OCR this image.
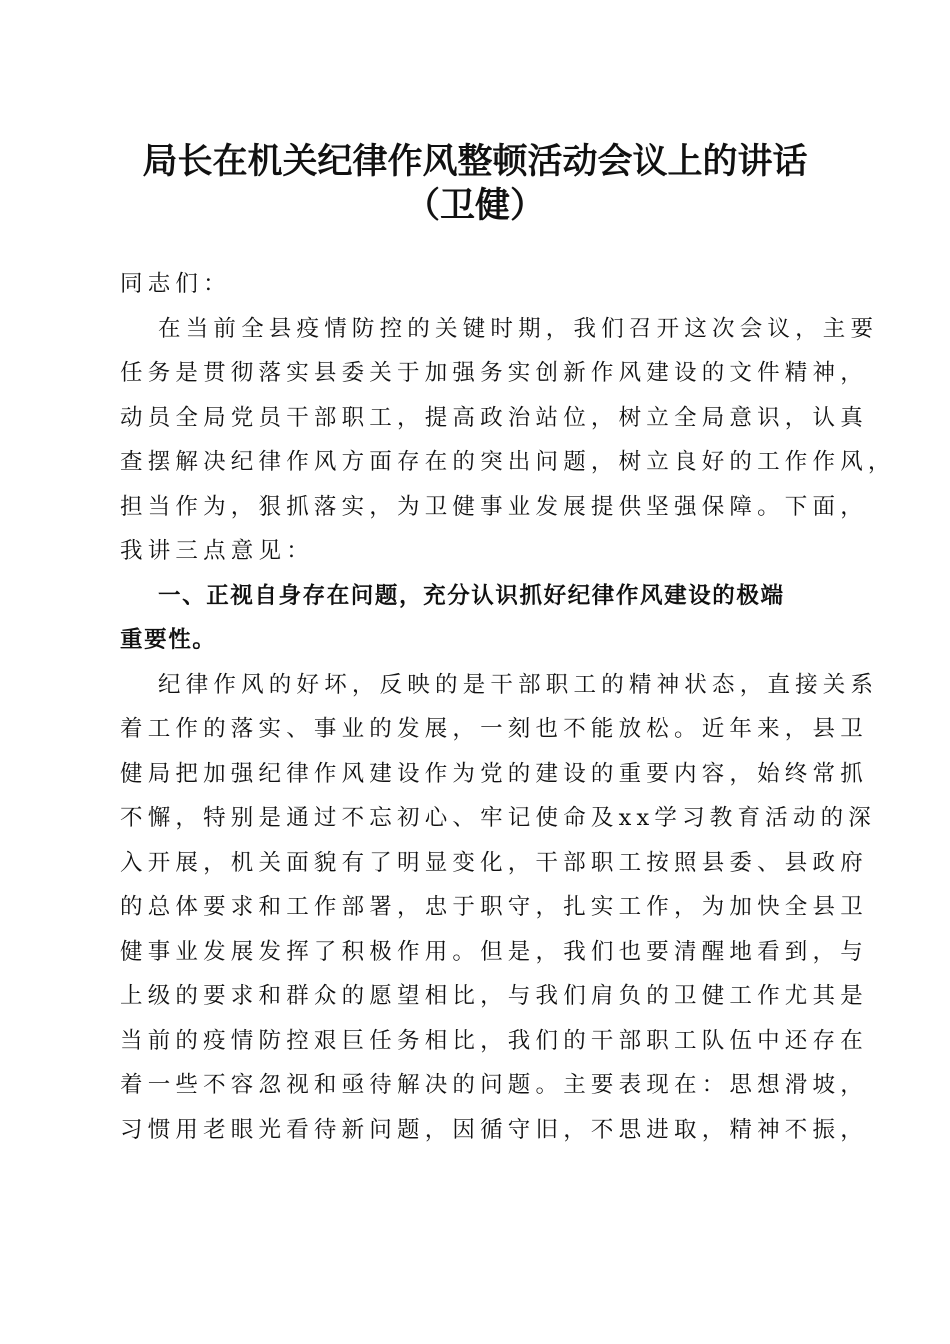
局长在机关纪律作风整顿活动会议上的讲话
（卫健）
同志们：
在当前全县疫情防控的关键时期，我们召开这次会议，主要
任务是贯彻落实县委关于加强务实创新作风建设的文件精神，
动员全局党员干部职工，提高政治站位，树立全局意识，认真
查摆解决纪律作风方面存在的突出问题，树立良好的工作作风，
担当作为，狠抓落实，为卫健事业发展提供坚强保障。下面，
我讲三点意见：
一、正视自身存在问题，充分认识抓好纪律作风建设的极端
重要性。
纪律作风的好坏，反映的是干部职工的精神状态，直接关系
着工作的落实、事业的发展，一刻也不能放松。近年来，县卫
健局把加强纪律作风建设作为党的建设的重要内容，始终常抓
不懈，特别是通过不忘初心、牢记使命及xx学习教育活动的深
入开展，机关面貌有了明显变化，干部职工按照县委、县政府
的总体要求和工作部署，忠于职守，扎实工作，为加快全县卫
健事业发展发挥了积极作用。但是，我们也要清醒地看到，与
上级的要求和群众的愿望相比，与我们肩负的卫健工作尤其是
当前的疫情防控艰巨任务相比，我们的干部职工队伍中还存在
着一些不容忽视和亟待解决的问题。主要表现在：思想滑坡，
习惯用老眼光看待新问题，因循守旧，不思进取，精神不振，
